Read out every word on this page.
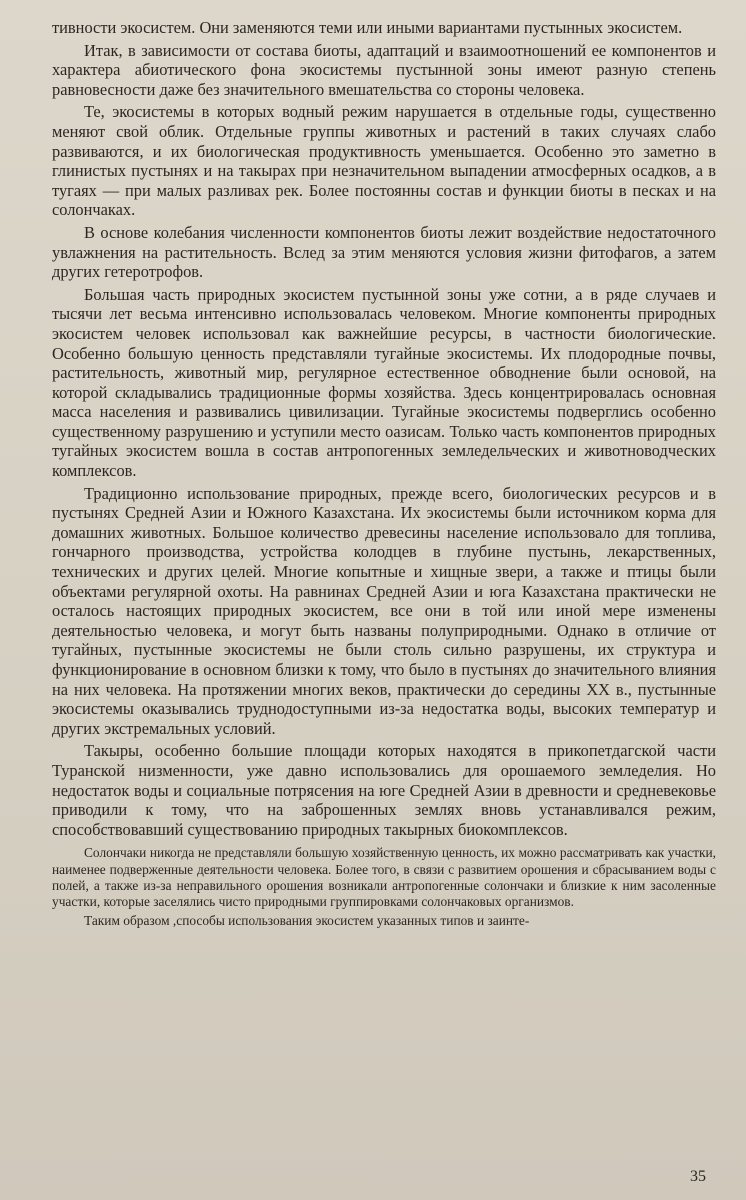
тивности экосистем. Они заменяются теми или иными вариантами пустынных экосистем.

Итак, в зависимости от состава биоты, адаптаций и взаимоотношений ее компонентов и характера абиотического фона экосистемы пустынной зоны имеют разную степень равновесности даже без значительного вмешательства со стороны человека.

Те, экосистемы в которых водный режим нарушается в отдельные годы, существенно меняют свой облик. Отдельные группы животных и растений в таких случаях слабо развиваются, и их биологическая продуктивность уменьшается. Особенно это заметно в глинистых пустынях и на такырах при незначительном выпадении атмосферных осадков, а в тугаях — при малых разливах рек. Более постоянны состав и функции биоты в песках и на солончаках.

В основе колебания численности компонентов биоты лежит воздействие недостаточного увлажнения на растительность. Вслед за этим меняются условия жизни фитофагов, а затем других гетеротрофов.

Большая часть природных экосистем пустынной зоны уже сотни, а в ряде случаев и тысячи лет весьма интенсивно использовалась человеком. Многие компоненты природных экосистем человек использовал как важнейшие ресурсы, в частности биологические. Особенно большую ценность представляли тугайные экосистемы. Их плодородные почвы, растительность, животный мир, регулярное естественное обводнение были основой, на которой складывались традиционные формы хозяйства. Здесь концентрировалась основная масса населения и развивались цивилизации. Тугайные экосистемы подверглись особенно существенному разрушению и уступили место оазисам. Только часть компонентов природных тугайных экосистем вошла в состав антропогенных земледельческих и животноводческих комплексов.

Традиционно использование природных, прежде всего, биологических ресурсов и в пустынях Средней Азии и Южного Казахстана. Их экосистемы были источником корма для домашних животных. Большое количество древесины население использовало для топлива, гончарного производства, устройства колодцев в глубине пустынь, лекарственных, технических и других целей. Многие копытные и хищные звери, а также и птицы были объектами регулярной охоты. На равнинах Средней Азии и юга Казахстана практически не осталось настоящих природных экосистем, все они в той или иной мере изменены деятельностью человека, и могут быть названы полуприродными. Однако в отличие от тугайных, пустынные экосистемы не были столь сильно разрушены, их структура и функционирование в основном близки к тому, что было в пустынях до значительного влияния на них человека. На протяжении многих веков, практически до середины XX в., пустынные экосистемы оказывались труднодоступными из-за недостатка воды, высоких температур и других экстремальных условий.

Такыры, особенно большие площади которых находятся в прикопетдагской части Туранской низменности, уже давно использовались для орошаемого земледелия. Но недостаток воды и социальные потрясения на юге Средней Азии в древности и средневековье приводили к тому, что на заброшенных землях вновь устанавливался режим, способствовавший существованию природных такырных биокомплексов.

Солончаки никогда не представляли большую хозяйственную ценность, их можно рассматривать как участки, наименее подверженные деятельности человека. Более того, в связи с развитием орошения и сбрасыванием воды с полей, а также из-за неправильного орошения возникали антропогенные солончаки и близкие к ним засоленные участки, которые заселялись чисто природными группировками солончаковых организмов.

Таким образом ,способы использования экосистем указанных типов и заинте-

35
